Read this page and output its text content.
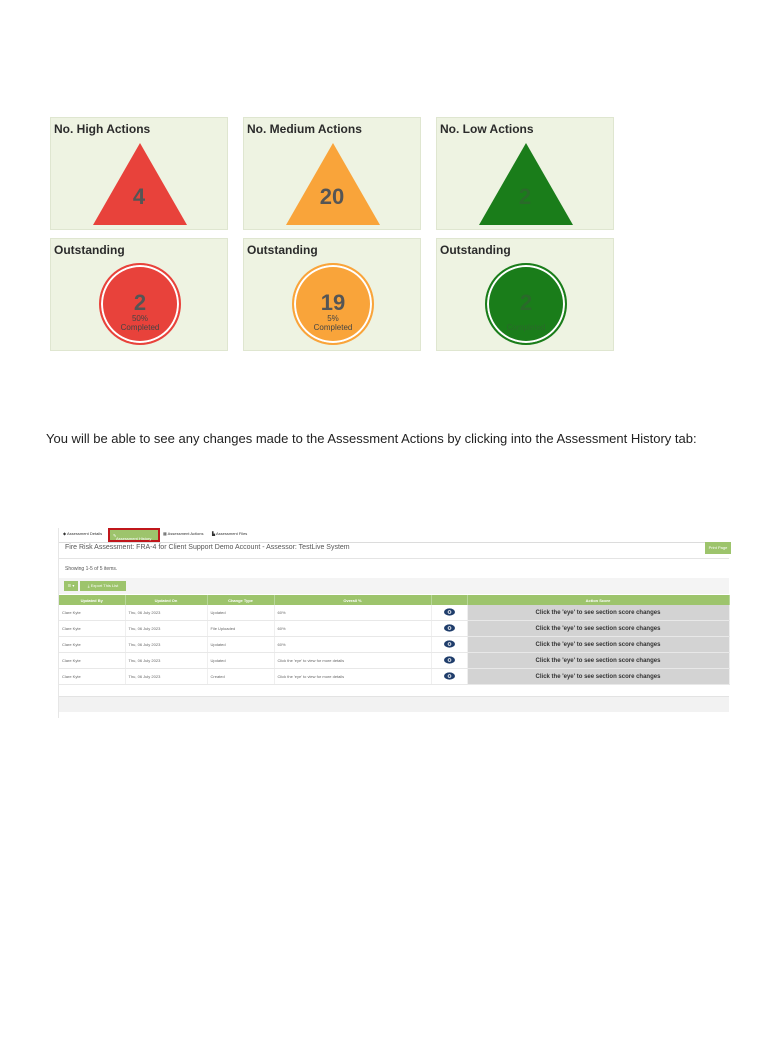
No. High Actions
4
No. Medium Actions
20
No. Low Actions
2
Outstanding
2
50%
Completed
Outstanding
19
5%
Completed
Outstanding
2
Completed
You will be able to see any changes made to the Assessment Actions by clicking into the Assessment History tab:
◆ Assessment Details	✎
Assessment History
▦ Assessment Actions ▙ Assessment Files
Fire Risk Assessment: FRA-4 for Client Support Demo Account - Assessor: TestLive System	Print Page
Showing 1-5 of 5 items.
☰ ▾	⤓ Export This List
Updated By	Updated On	Change Type	Overall %		Action Score
Clare Kyte	Thu, 06 July 2023	Updated	60%		Click the 'eye' to see section score changes
Clare Kyte	Thu, 06 July 2023	File Uploaded	60%		Click the 'eye' to see section score changes
Clare Kyte	Thu, 06 July 2023	Updated	60%		Click the 'eye' to see section score changes
Clare Kyte	Thu, 06 July 2023	Updated	Click the 'eye' to view for more details		Click the 'eye' to see section score changes
Clare Kyte	Thu, 06 July 2023	Created	Click the 'eye' to view for more details		Click the 'eye' to see section score changes
